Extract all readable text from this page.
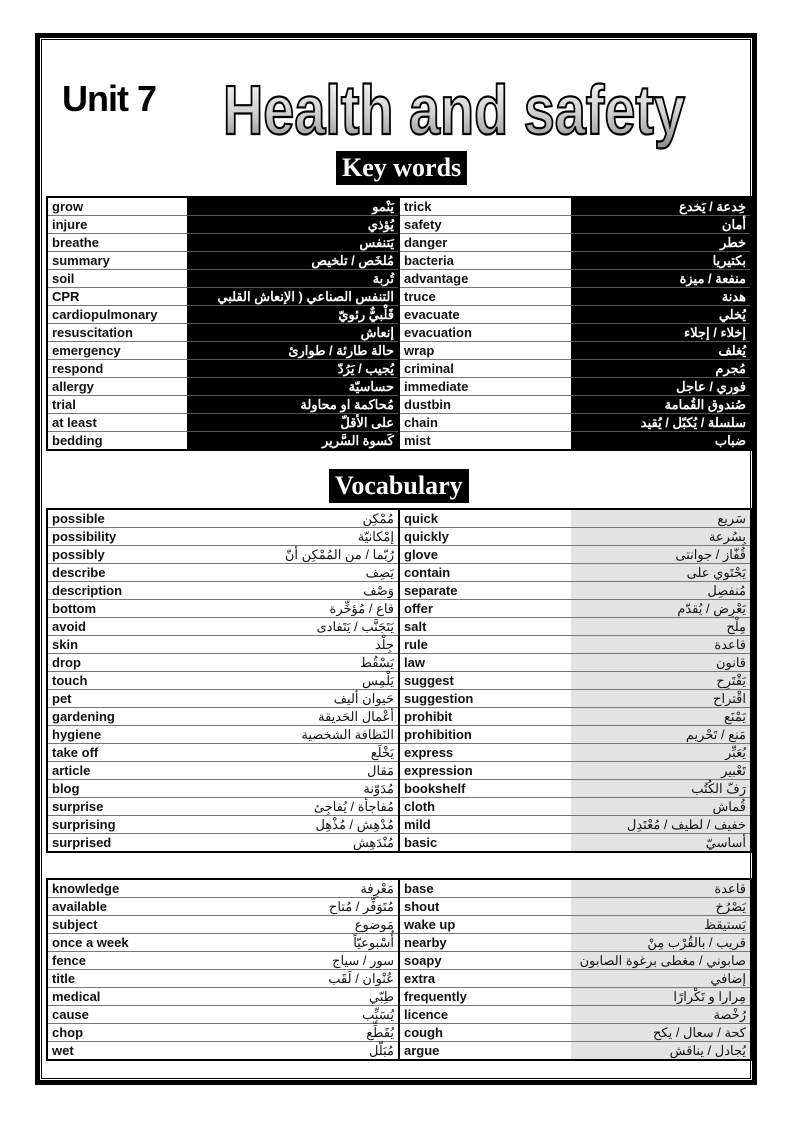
Unit 7 Health and safety
Key words
grow	يَنْمو	trick	خِدعة / يَخدع
injure	يُؤذي	safety	أمان
breathe	يَتنفس	danger	خطر
summary	مُلخَص / تلخيص	bacteria	بكتيريا
soil	تُربة	advantage	منفعة / ميزة
CPR	التنفس الصناعي ( الإنعاش القلبي	truce	هدنة
cardiopulmonary	قَلْبيٌّ رئويّ	evacuate	يُخلي
resuscitation	إنعاش	evacuation	إخلاء / إجلاء
emergency	حالة طارئة / طوارئ	wrap	يُغلف
respond	يُجيب / يَرُدّ	criminal	مُجرم
allergy	حساسيّة	immediate	فوري / عاجل
trial	مُحاكمة او محاولة	dustbin	صُندوق القُمامة
at least	على الأقلّ	chain	سلسلة / يُكبّل / يُقيد
bedding	كَسوة السَّرير	mist	ضباب
Vocabulary
possible	مُمْكِن	quick	سَريع
possibility	إمْكانيّة	quickly	بِسُرعة
possibly	رُبّما / من المُمْكِن أنّ	glove	قُفّاز / جوانتى
describe	يَصِف	contain	يَحْتَوي على
description	وَصْف	separate	مُنفصِل
bottom	قاع / مُؤخِّرة	offer	يَعْرِض / يُقدّم
avoid	يَتَجَنَّب / يَتَفادى	salt	مِلْح
skin	جِلْد	rule	قاعدة
drop	يَسْقُط	law	قانون
touch	يَلْمِس	suggest	يَقْتَرِح
pet	حَيوان أليف	suggestion	اقْتراح
gardening	أعْمال الحَديقة	prohibit	يَمْنَع
hygiene	النَظافة الشخصية	prohibition	مَنع / تَحْريم
take off	يَخْلَع	express	يُعَبِّر
article	مَقال	expression	تَعْبير
blog	مُدَوّنة	bookshelf	رَفّ الكُتُب
surprise	مُفاجأة / يُفاجِئ	cloth	قُماش
surprising	مُدْهِش / مُذْهِل	mild	خفيف / لطيف / مُعْتَدِل
surprised	مُنْدَهِش	basic	أساسيّ
knowledge	مَعْرِفة	base	قاعدة
available	مُتَوَفِّر / مُتاح	shout	يَصْرُخ
subject	مَوضوع	wake up	يَستيقظ
once a week	أُسْبوعيّاً	nearby	قريب / بالقُرْب مِنْ
fence	سور / سياج	soapy	صابوني / مغطى برغوة الصابون
title	عُنْوان / لَقَب	extra	إضافي
medical	طِبّي	frequently	مِرارا و تَكْرارًا
cause	يُسَبِّب	licence	رُخْصة
chop	يُقَطِّع	cough	كحة / سعال / يكح
wet	مُبَلّل	argue	يُجادل / يناقش
